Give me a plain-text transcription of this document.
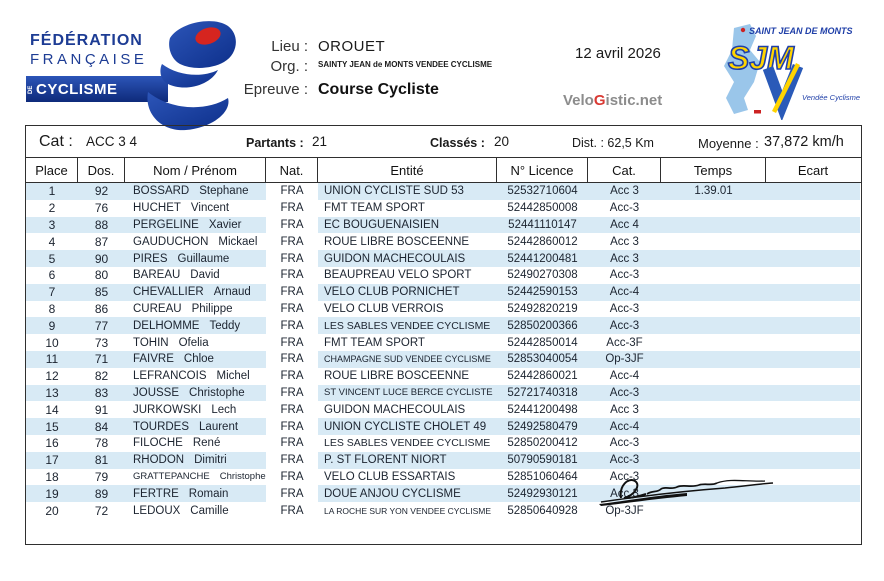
FÉDÉRATION
FRANÇAISE
DE CYCLISME
Lieu : OROUET
Org. :	SAINTY JEAN de MONTS VENDEE CYCLISME
Epreuve : Course Cycliste
12 avril 2026
VeloGistic.net
SAINT JEAN DE MONTS
SJM
Vendée Cyclisme
Cat : ACC 3 4	Partants : 21	Classés : 20	Dist. : 62,5 Km	Moyenne : 37,872 km/h
Place	Dos.	Nom / Prénom	Nat.	Entité	N° Licence	Cat.	Temps	Ecart
1	92	BOSSARD Stephane	FRA	UNION CYCLISTE SUD 53	52532710604	Acc 3	1.39.01
2	76	HUCHET Vincent	FRA	FMT TEAM SPORT	52442850008	Acc-3
3	88	PERGELINE Xavier	FRA	EC BOUGUENAISIEN	52441110147	Acc 4
4	87	GAUDUCHON Mickael	FRA	ROUE LIBRE BOSCEENNE	52442860012	Acc 3
5	90	PIRES Guillaume	FRA	GUIDON MACHECOULAIS	52441200481	Acc 3
6	80	BAREAU David	FRA	BEAUPREAU VELO SPORT	52490270308	Acc-3
7	85	CHEVALLIER Arnaud	FRA	VELO CLUB PORNICHET	52442590153	Acc-4
8	86	CUREAU Philippe	FRA	VELO CLUB VERROIS	52492820219	Acc-3
9	77	DELHOMME Teddy	FRA	LES SABLES VENDEE CYCLISME	52850200366	Acc-3
10	73	TOHIN Ofelia	FRA	FMT TEAM SPORT	52442850014	Acc-3F
11	71	FAIVRE Chloe	FRA	CHAMPAGNE SUD VENDEE CYCLISME	52853040054	Op-3JF
12	82	LEFRANCOIS Michel	FRA	ROUE LIBRE BOSCEENNE	52442860021	Acc-4
13	83	JOUSSE Christophe	FRA	ST VINCENT LUCE BERCE CYCLISTE	52721740318	Acc-3
14	91	JURKOWSKI Lech	FRA	GUIDON MACHECOULAIS	52441200498	Acc 3
15	84	TOURDES Laurent	FRA	UNION CYCLISTE CHOLET 49	52492580479	Acc-4
16	78	FILOCHE René	FRA	LES SABLES VENDEE CYCLISME	52850200412	Acc-3
17	81	RHODON Dimitri	FRA	P. ST FLORENT NIORT	50790590181	Acc-3
18	79	GRATTEPANCHE Christophe	FRA	VELO CLUB ESSARTAIS	52851060464	Acc-3
19	89	FERTRE Romain	FRA	DOUE ANJOU CYCLISME	52492930121	Acc 3
20	72	LEDOUX Camille	FRA	LA ROCHE SUR YON VENDEE CYCLISME	52850640928	Op-3JF
